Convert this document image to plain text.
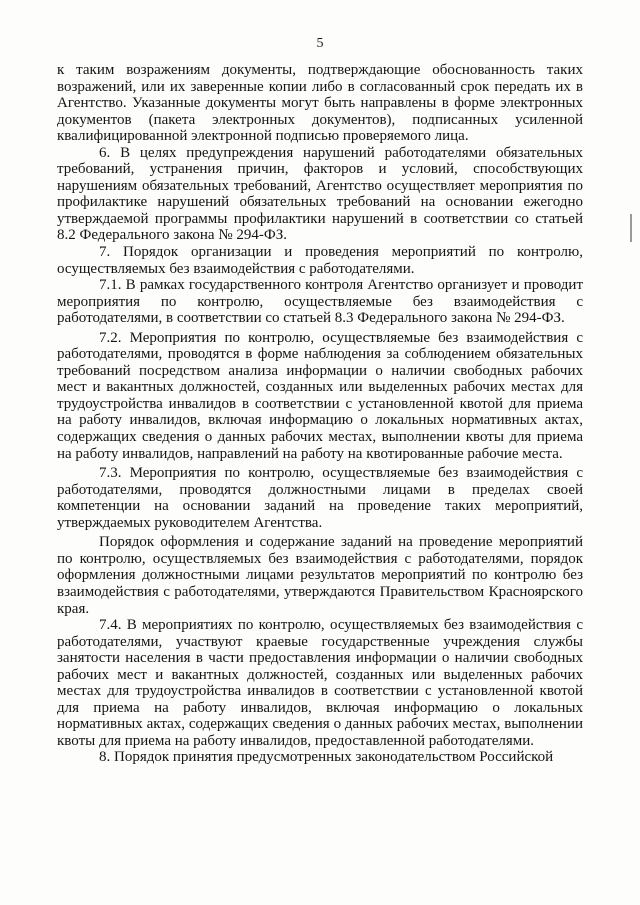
5

к таким возражениям документы, подтверждающие обоснованность таких возражений, или их заверенные копии либо в согласованный срок передать их в Агентство. Указанные документы могут быть направлены в форме электронных документов (пакета электронных документов), подписанных усиленной квалифицированной электронной подписью проверяемого лица.

6. В целях предупреждения нарушений работодателями обязательных требований, устранения причин, факторов и условий, способствующих нарушениям обязательных требований, Агентство осуществляет мероприятия по профилактике нарушений обязательных требований на основании ежегодно утверждаемой программы профилактики нарушений в соответствии со статьей 8.2 Федерального закона № 294-ФЗ.

7. Порядок организации и проведения мероприятий по контролю, осуществляемых без взаимодействия с работодателями.

7.1. В рамках государственного контроля Агентство организует и проводит мероприятия по контролю, осуществляемые без взаимодействия с работодателями, в соответствии со статьей 8.3 Федерального закона № 294-ФЗ.

7.2. Мероприятия по контролю, осуществляемые без взаимодействия с работодателями, проводятся в форме наблюдения за соблюдением обязательных требований посредством анализа информации о наличии свободных рабочих мест и вакантных должностей, созданных или выделенных рабочих местах для трудоустройства инвалидов в соответствии с установленной квотой для приема на работу инвалидов, включая информацию о локальных нормативных актах, содержащих сведения о данных рабочих местах, выполнении квоты для приема на работу инвалидов, направлений на работу на квотированные рабочие места.

7.3. Мероприятия по контролю, осуществляемые без взаимодействия с работодателями, проводятся должностными лицами в пределах своей компетенции на основании заданий на проведение таких мероприятий, утверждаемых руководителем Агентства.

Порядок оформления и содержание заданий на проведение мероприятий по контролю, осуществляемых без взаимодействия с работодателями, порядок оформления должностными лицами результатов мероприятий по контролю без взаимодействия с работодателями, утверждаются Правительством Красноярского края.

7.4. В мероприятиях по контролю, осуществляемых без взаимодействия с работодателями, участвуют краевые государственные учреждения службы занятости населения в части предоставления информации о наличии свободных рабочих мест и вакантных должностей, созданных или выделенных рабочих местах для трудоустройства инвалидов в соответствии с установленной квотой для приема на работу инвалидов, включая информацию о локальных нормативных актах, содержащих сведения о данных рабочих местах, выполнении квоты для приема на работу инвалидов, предоставленной работодателями.

8. Порядок принятия предусмотренных законодательством Российской
